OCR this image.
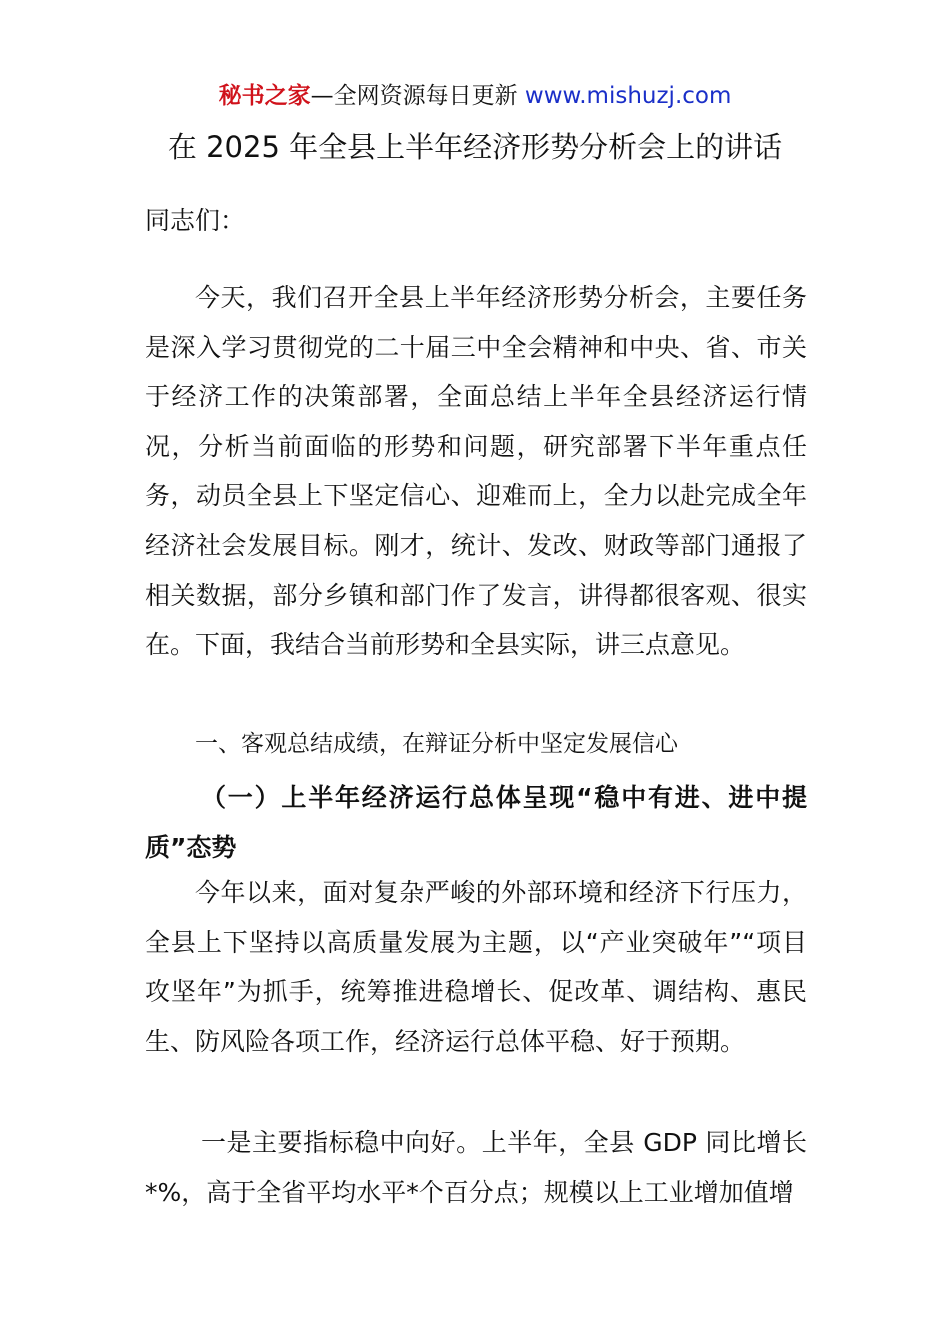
秘书之家—全网资源每日更新 www.mishuzj.com
在 2025 年全县上半年经济形势分析会上的讲话
同志们：
今天，我们召开全县上半年经济形势分析会，主要任务是深入学习贯彻党的二十届三中全会精神和中央、省、市关于经济工作的决策部署，全面总结上半年全县经济运行情况，分析当前面临的形势和问题，研究部署下半年重点任务，动员全县上下坚定信心、迎难而上，全力以赴完成全年经济社会发展目标。刚才，统计、发改、财政等部门通报了相关数据，部分乡镇和部门作了发言，讲得都很客观、很实在。下面，我结合当前形势和全县实际，讲三点意见。
一、客观总结成绩，在辩证分析中坚定发展信心
（一）上半年经济运行总体呈现“稳中有进、进中提质”态势
今年以来，面对复杂严峻的外部环境和经济下行压力，全县上下坚持以高质量发展为主题，以“产业突破年”“项目攻坚年”为抓手，统筹推进稳增长、促改革、调结构、惠民生、防风险各项工作，经济运行总体平稳、好于预期。
一是主要指标稳中向好。上半年，全县 GDP 同比增长*%，高于全省平均水平*个百分点；规模以上工业增加值增
